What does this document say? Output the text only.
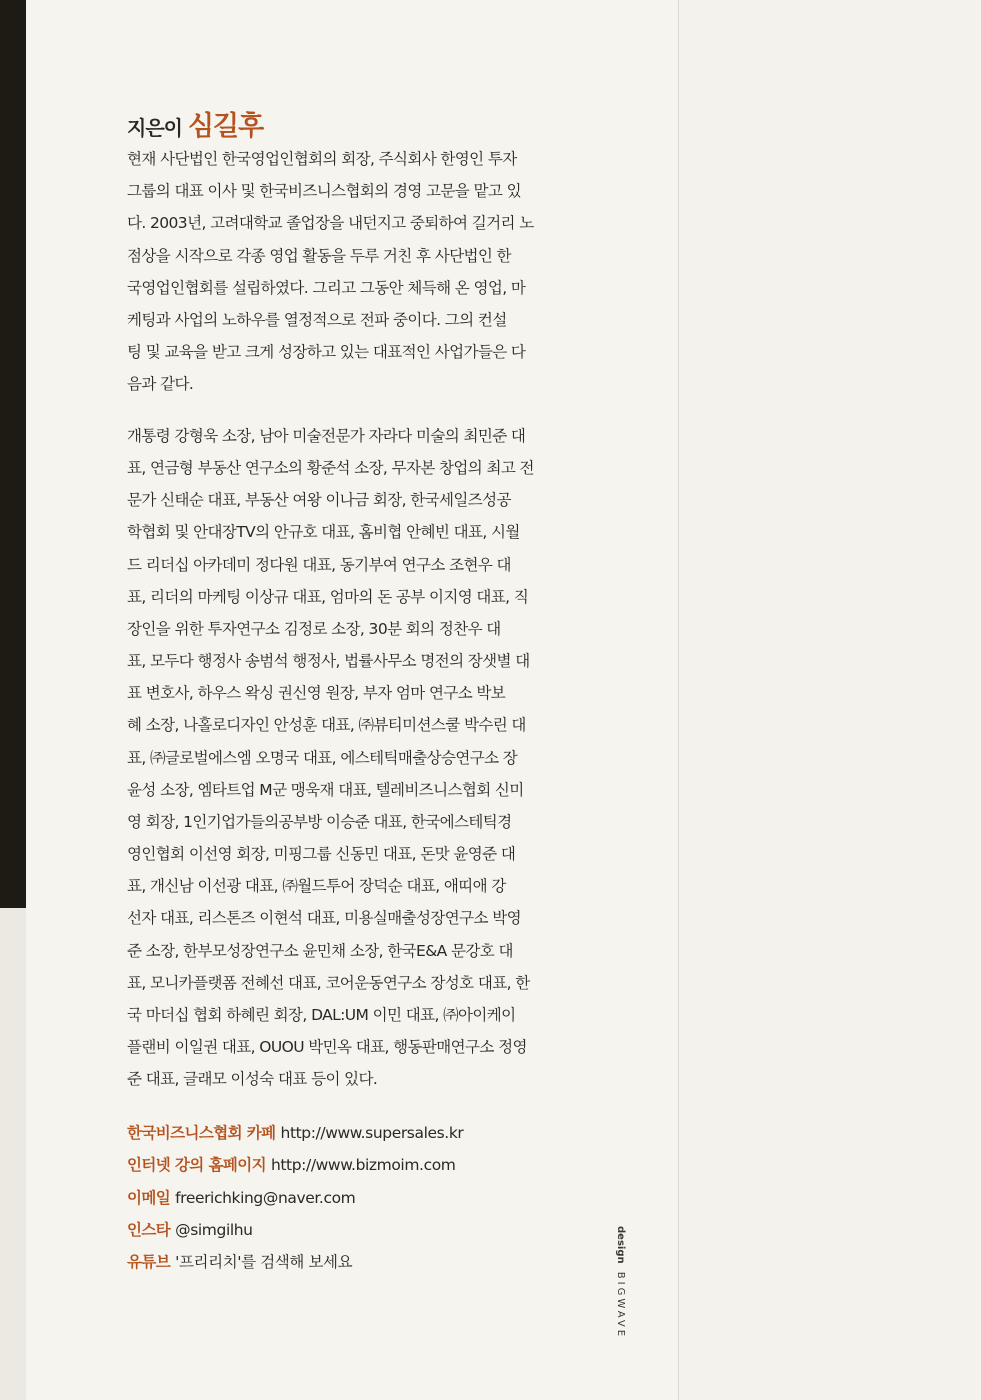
지은이 심길후
현재 사단법인 한국영업인협회의 회장, 주식회사 한영인 투자
그룹의 대표 이사 및 한국비즈니스협회의 경영 고문을 맡고 있
다. 2003년, 고려대학교 졸업장을 내던지고 중퇴하여 길거리 노
점상을 시작으로 각종 영업 활동을 두루 거친 후 사단법인 한
국영업인협회를 설립하였다. 그리고 그동안 체득해 온 영업, 마
케팅과 사업의 노하우를 열정적으로 전파 중이다. 그의 컨설
팅 및 교육을 받고 크게 성장하고 있는 대표적인 사업가들은 다
음과 같다.
개통령 강형욱 소장, 남아 미술전문가 자라다 미술의 최민준 대
표, 연금형 부동산 연구소의 황준석 소장, 무자본 창업의 최고 전
문가 신태순 대표, 부동산 여왕 이나금 회장, 한국세일즈성공
학협회 및 안대장TV의 안규호 대표, 홈비협 안혜빈 대표, 시월
드 리더십 아카데미 정다원 대표, 동기부여 연구소 조현우 대
표, 리더의 마케팅 이상규 대표, 엄마의 돈 공부 이지영 대표, 직
장인을 위한 투자연구소 김정로 소장, 30분 회의 정찬우 대
표, 모두다 행정사 송범석 행정사, 법률사무소 명전의 장샛별 대
표 변호사, 하우스 왁싱 권신영 원장, 부자 엄마 연구소 박보
혜 소장, 나홀로디자인 안성훈 대표, ㈜뷰티미션스쿨 박수린 대
표, ㈜글로벌에스엠 오명국 대표, 에스테틱매출상승연구소 장
윤성 소장, 엠타트업 M군 맹욱재 대표, 텔레비즈니스협회 신미
영 회장, 1인기업가들의공부방 이승준 대표, 한국에스테틱경
영인협회 이선영 회장, 미핑그룹 신동민 대표, 돈맛 윤영준 대
표, 개신남 이선광 대표, ㈜월드투어 장덕순 대표, 애띠애 강
선자 대표, 리스톤즈 이현석 대표, 미용실매출성장연구소 박영
준 소장, 한부모성장연구소 윤민채 소장, 한국E&A 문강호 대
표, 모니카플랫폼 전혜선 대표, 코어운동연구소 장성호 대표, 한
국 마더십 협회 하혜린 회장, DAL:UM 이민 대표, ㈜아이케이
플랜비 이일권 대표, OUOU 박민옥 대표, 행동판매연구소 정영
준 대표, 글래모 이성숙 대표 등이 있다.
한국비즈니스협회 카페 http://www.supersales.kr
인터넷 강의 홈페이지 http://www.bizmoim.com
이메일 freerichking@naver.com
인스타 @simgilhu
유튜브 '프리리치'를 검색해 보세요	design BIGWAVE
